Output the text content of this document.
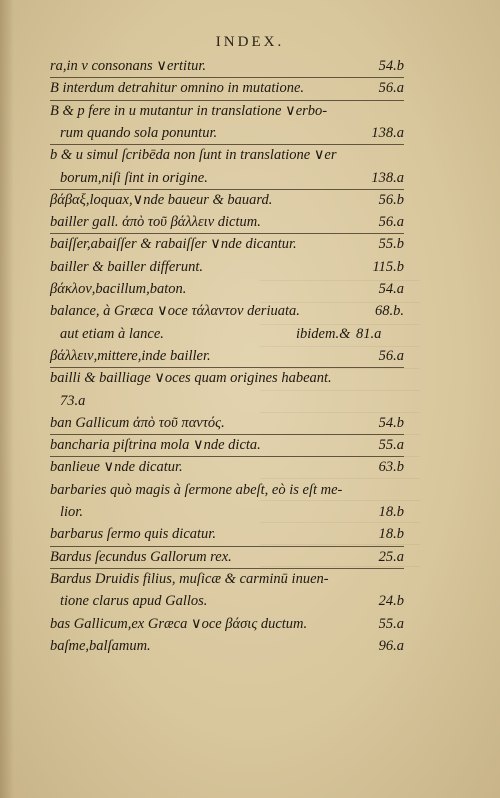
INDEX.
ra,in ν consonans ∨ertitur.	54.b
B interdum detrahitur omnino in mutatione.	56.a
B & p fere in u mutantur in translatione ∨erbo-
rum quando sola ponuntur.	138.a
b & u simul ſcribēda non ſunt in translatione ∨er
borum,niſi ſint in origine.	138.a
βάβαξ,loquax,∨nde baueur & bauard.	56.b
bailler gall. ἀπὸ τοῦ βάλλειν dictum.	56.a
baiſſer,abaiſſer & rabaiſſer ∨nde dicantur.	55.b
bailler & bailler differunt.	115.b
βάκλον,bacillum,baton.	54.a
balance, à Græca ∨oce τάλαντον deriuata.	68.b.
aut etiam à lance.	ibidem.& 81.a
βάλλειν,mittere,inde bailler.	56.a
bailli & bailliage ∨oces quam origines habeant.
73.a
ban Gallicum ἀπὸ τοῦ παντός.	54.b
bancharia piſtrina mola ∨nde dicta.	55.a
banlieue ∨nde dicatur.	63.b
barbaries quò magis à ſermone abeſt, eò is eſt me-
lior.	18.b
barbarus ſermo quis dicatur.	18.b
Bardus ſecundus Gallorum rex.	25.a
Bardus Druidis filius, muſicæ & carminū inuen-
tione clarus apud Gallos.	24.b
bas Gallicum,ex Græca ∨oce βάσις ductum.	55.a
baſme,balſamum.	96.a
